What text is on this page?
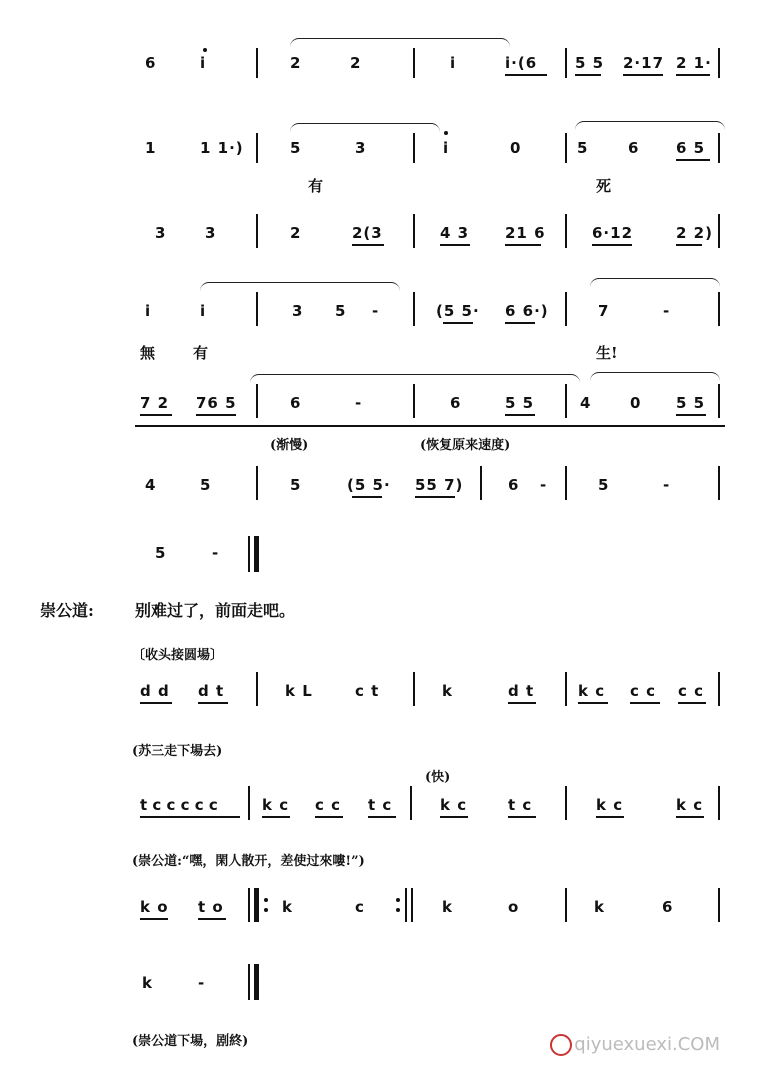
6	i	2	2	i	i·(6	5 5 2·17 2 1·
1	1 1·)	5	3	i	0	5	6 6 5
有	死
3	3	2	2(3	4 3 21 6	6·12	2 2)
i	i	3 5 -	(5 5· 6 6·)	7	-
無	有	生!
7 2 76 5	6	-	6	5 5	4	0 5 5
(渐慢)	(恢复原来速度)
4	5	5	(5 5· 55 7)	6 -	5	-
5	-
崇公道:	别难过了，前面走吧。
〔收头接圆場〕
d d d t	k L	c t	k	d t	k c c c c c
(苏三走下場去)
(快)
t c c c c c	k c c c t c	k c	t c	k c	k c
(崇公道:“嘿，閑人散开，差使过來嘍!”)
k o t o	k	c	k	o	k	6
k	-
(崇公道下場，剧終)	qiyuexuexi.COM
